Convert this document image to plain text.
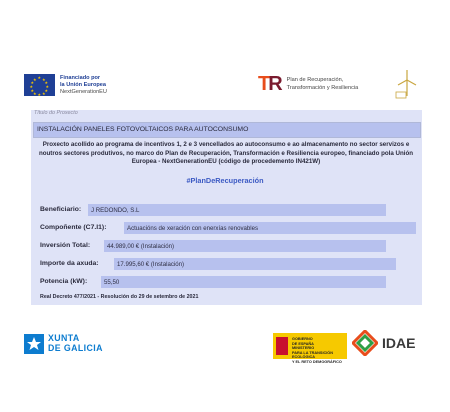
★ ★
★
★
★
★
★
★
★
★
★
★	Financiado por
la Unión Europea
NextGenerationEU	TR Plan de Recuperación,
Transformación y Resiliencia
Título do Proxecto
INSTALACIÓN PANELES FOTOVOLTAICOS PARA AUTOCONSUMO
Proxecto acollido ao programa de incentivos 1, 2 e 3 vencellados ao autoconsumo e ao almacenamento no sector servizos e noutros sectores produtivos, no marco do Plan de Recuperación, Transformación e Resiliencia europeo, financiado pola Unión Europea - NextGenerationEU (código de procedemento IN421W)
#PlanDeRecuperación
Beneficiario: J REDONDO, S.L
Compoñente (C7.I1):	Actuacións de xeración con enerxías renovables
Inversión Total:	44.989,00 € (Instalación)
Importe da axuda:	17.995,60 € (Instalación)
Potencia (kW):	55,50
Real Decreto 477/2021 - Resolución do 29 de setembro de 2021
XUNTA
DE GALICIA
GOBIERNO
DE ESPAÑA
MINISTERIO
PARA LA TRANSICIÓN ECOLÓGICA
Y EL RETO DEMOGRÁFICO
IDAE
